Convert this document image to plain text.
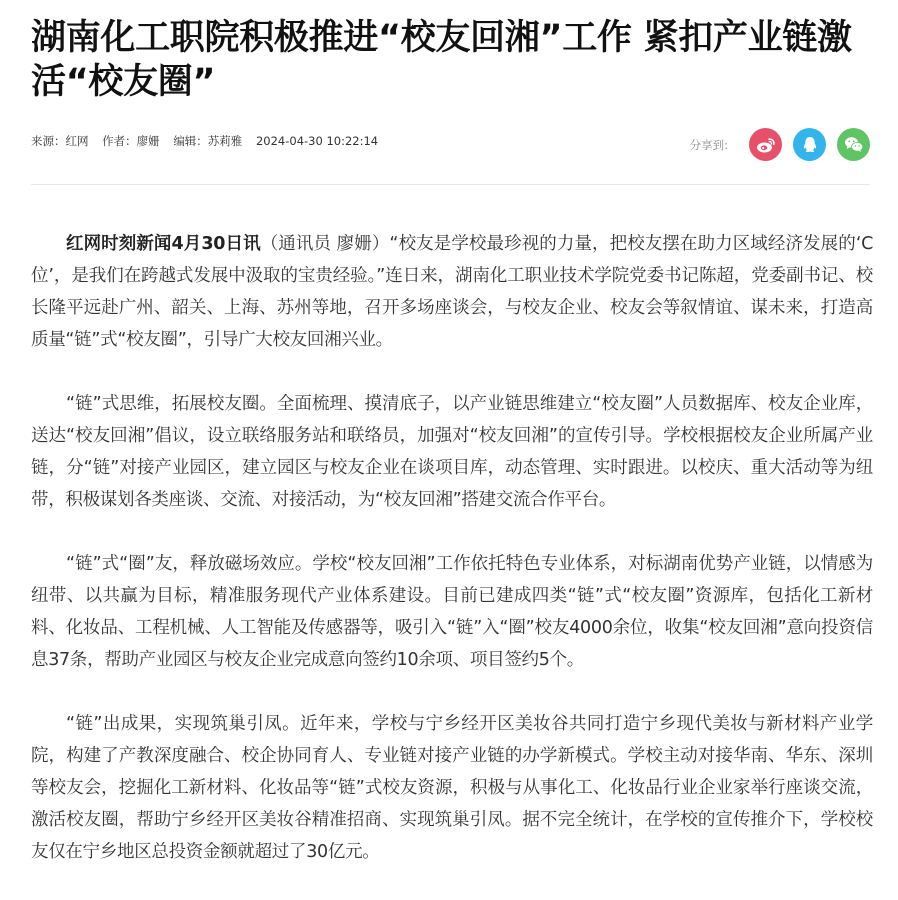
湖南化工职院积极推进“校友回湘”工作 紧扣产业链激活“校友圈”
来源：红网 作者：廖姗 编辑：苏莉雅 2024-04-30 10:22:14	分享到:

红网时刻新闻4月30日讯（通讯员 廖姗）“校友是学校最珍视的力量，把校友摆在助力区域经济发展的‘C位’，是我们在跨越式发展中汲取的宝贵经验。”连日来，湖南化工职业技术学院党委书记陈超，党委副书记、校长隆平远赴广州、韶关、上海、苏州等地，召开多场座谈会，与校友企业、校友会等叙情谊、谋未来，打造高质量“链”式“校友圈”，引导广大校友回湘兴业。

“链”式思维，拓展校友圈。全面梳理、摸清底子，以产业链思维建立“校友圈”人员数据库、校友企业库，送达“校友回湘”倡议，设立联络服务站和联络员，加强对“校友回湘”的宣传引导。学校根据校友企业所属产业链，分“链”对接产业园区，建立园区与校友企业在谈项目库，动态管理、实时跟进。以校庆、重大活动等为纽带，积极谋划各类座谈、交流、对接活动，为“校友回湘”搭建交流合作平台。

“链”式“圈”友，释放磁场效应。学校“校友回湘”工作依托特色专业体系，对标湖南优势产业链，以情感为纽带、以共赢为目标，精准服务现代产业体系建设。目前已建成四类“链”式“校友圈”资源库，包括化工新材料、化妆品、工程机械、人工智能及传感器等，吸引入“链”入“圈”校友4000余位，收集“校友回湘”意向投资信息37条，帮助产业园区与校友企业完成意向签约10余项、项目签约5个。

“链”出成果，实现筑巢引凤。近年来，学校与宁乡经开区美妆谷共同打造宁乡现代美妆与新材料产业学院，构建了产教深度融合、校企协同育人、专业链对接产业链的办学新模式。学校主动对接华南、华东、深圳等校友会，挖掘化工新材料、化妆品等“链”式校友资源，积极与从事化工、化妆品行业企业家举行座谈交流，激活校友圈，帮助宁乡经开区美妆谷精准招商、实现筑巢引凤。据不完全统计，在学校的宣传推介下，学校校友仅在宁乡地区总投资金额就超过了30亿元。
